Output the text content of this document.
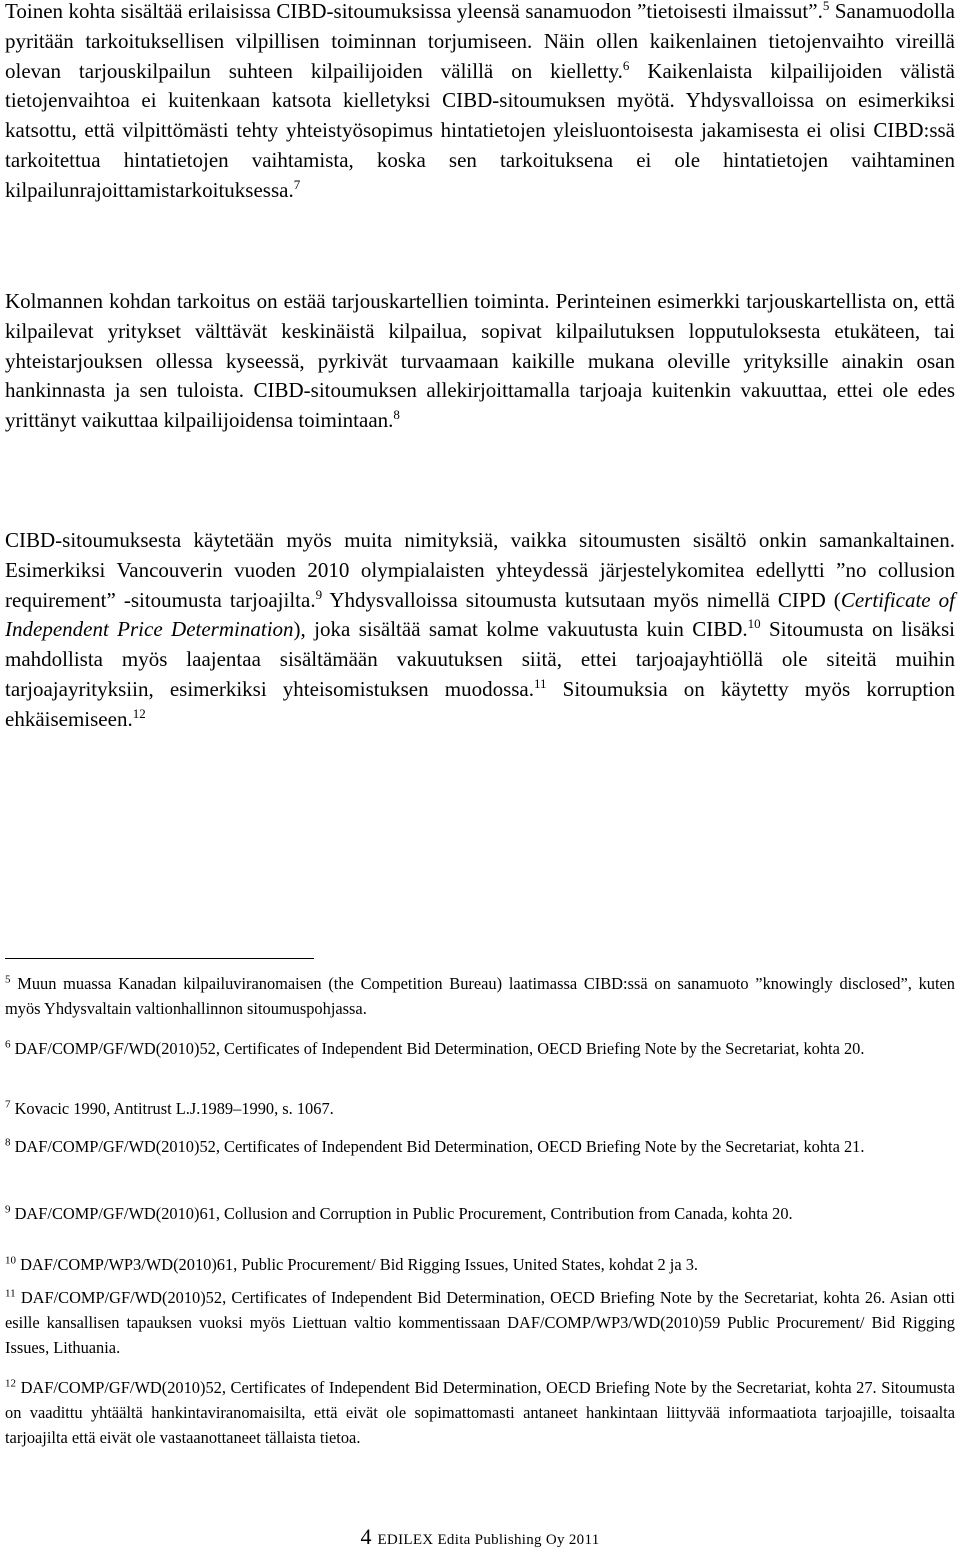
Toinen kohta sisältää erilaisissa CIBD-sitoumuksissa yleensä sanamuodon ”tietoisesti ilmaissut”.$^5$ Sanamuodolla pyritään tarkoituksellisen vilpillisen toiminnan torjumiseen. Näin ollen kaikenlainen tietojenvaihto vireillä olevan tarjouskilpailun suhteen kilpailijoiden välillä on kielletty.$^6$ Kaikenlaista kilpailijoiden välistä tietojenvaihtoa ei kuitenkaan katsota kielletyksi CIBD-sitoumuksen myötä. Yhdysvalloissa on esimerkiksi katsottu, että vilpittömästi tehty yhteistyösopimus hintatietojen yleisluontoisesta jakamisesta ei olisi CIBD:ssä tarkoitettua hintatietojen vaihtamista, koska sen tarkoituksena ei ole hintatietojen vaihtaminen kilpailunrajoittamistarkoituksessa.$^7$

Kolmannen kohdan tarkoitus on estää tarjouskartellien toiminta. Perinteinen esimerkki tarjouskartellista on, että kilpailevat yritykset välttävät keskinäistä kilpailua, sopivat kilpailutuksen lopputuloksesta etukäteen, tai yhteistarjouksen ollessa kyseessä, pyrkivät turvaamaan kaikille mukana oleville yrityksille ainakin osan hankinnasta ja sen tuloista. CIBD-sitoumuksen allekirjoittamalla tarjoaja kuitenkin vakuuttaa, ettei ole edes yrittänyt vaikuttaa kilpailijoidensa toimintaan.$^8$

CIBD-sitoumuksesta käytetään myös muita nimityksiä, vaikka sitoumusten sisältö onkin samankaltainen. Esimerkiksi Vancouverin vuoden 2010 olympialaisten yhteydessä järjestelykomitea edellytti ”no collusion requirement” -sitoumusta tarjoajilta.$^9$ Yhdysvalloissa sitoumusta kutsutaan myös nimellä CIPD (Certificate of Independent Price Determination), joka sisältää samat kolme vakuutusta kuin CIBD.$^{10}$ Sitoumusta on lisäksi mahdollista myös laajentaa sisältämään vakuutuksen siitä, ettei tarjoajayhtiöllä ole siteitä muihin tarjoajayrityksiin, esimerkiksi yhteisomistuksen muodossa.$^{11}$ Sitoumuksia on käytetty myös korruption ehkäisemiseen.$^{12}$

$^5$ Muun muassa Kanadan kilpailuviranomaisen (the Competition Bureau) laatimassa CIBD:ssä on sanamuoto ”knowingly disclosed”, kuten myös Yhdysvaltain valtionhallinnon sitoumuspohjassa.

$^6$ DAF/COMP/GF/WD(2010)52, Certificates of Independent Bid Determination, OECD Briefing Note by the Secretariat, kohta 20.

$^7$ Kovacic 1990, Antitrust L.J.1989–1990, s. 1067.

$^8$ DAF/COMP/GF/WD(2010)52, Certificates of Independent Bid Determination, OECD Briefing Note by the Secretariat, kohta 21.

$^9$ DAF/COMP/GF/WD(2010)61, Collusion and Corruption in Public Procurement, Contribution from Canada, kohta 20.

$^{10}$ DAF/COMP/WP3/WD(2010)61, Public Procurement/ Bid Rigging Issues, United States, kohdat 2 ja 3.

$^{11}$ DAF/COMP/GF/WD(2010)52, Certificates of Independent Bid Determination, OECD Briefing Note by the Secretariat, kohta 26. Asian otti esille kansallisen tapauksen vuoksi myös Liettuan valtio kommentissaan DAF/COMP/WP3/WD(2010)59 Public Procurement/ Bid Rigging Issues, Lithuania.

$^{12}$ DAF/COMP/GF/WD(2010)52, Certificates of Independent Bid Determination, OECD Briefing Note by the Secretariat, kohta 27. Sitoumusta on vaadittu yhtäältä hankintaviranomaisilta, että eivät ole sopimattomasti antaneet hankintaan liittyvää informaatiota tarjoajille, toisaalta tarjoajilta että eivät ole vastaanottaneet tällaista tietoa.

4 EDILEX Edita Publishing Oy 2011
